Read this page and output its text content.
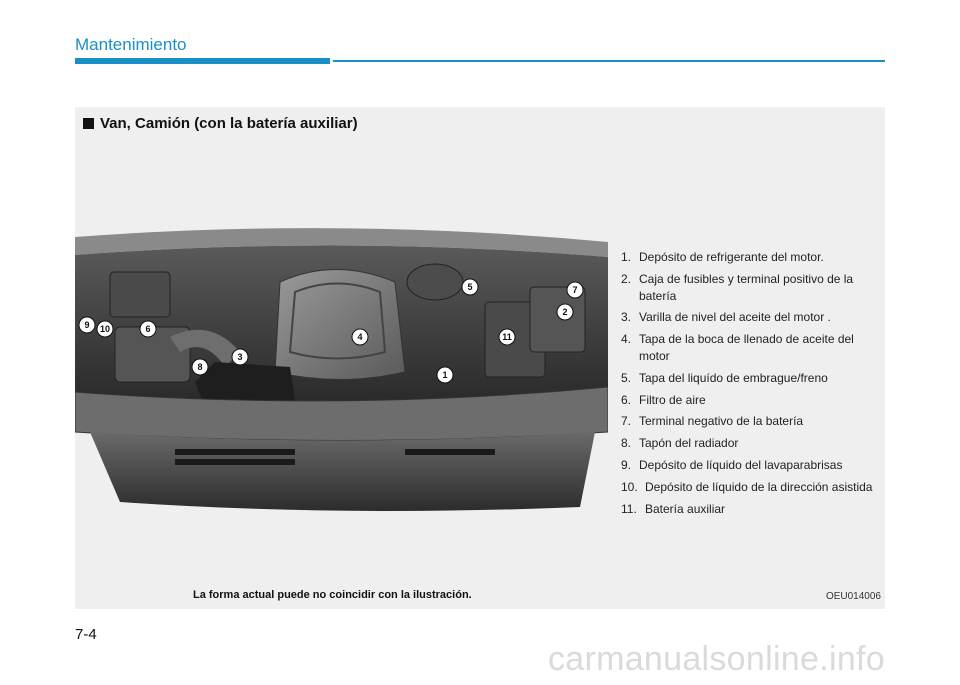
Mantenimiento
Van, Camión (con la batería auxiliar)
1
2
3
4
5
6
7
8
9 10
11
1. Depósito de refrigerante del motor.
2. Caja de fusibles y terminal positivo de la batería
3. Varilla de nivel del aceite del motor .
4. Tapa de la boca de llenado de aceite del motor
5. Tapa del liquído de embrague/freno
6. Filtro de aire
7. Terminal negativo de la batería
8. Tapón del radiador
9. Depósito de líquido del lavaparabrisas
10. Depósito de líquido de la dirección asistida
11. Batería auxiliar
La forma actual puede no coincidir con la ilustración.	OEU014006
7-4
carmanualsonline.info
